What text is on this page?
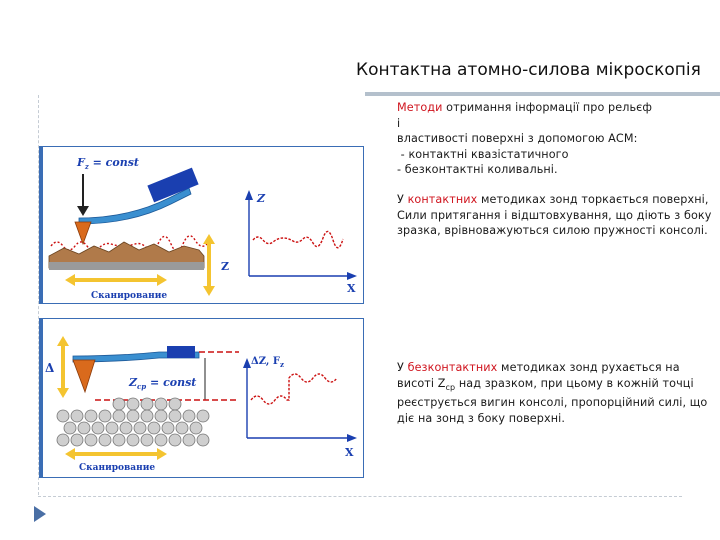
Контактна атомно-силова мікроскопія
Методи отримання інформації про рельєф
і
властивості поверхні з допомогою АСМ:
- контактні квазістатичного
- безконтактні коливальні.
У контактних методиках зонд торкається поверхні,
Сили притягання і відштовхування, що діють з боку зразка, врівноважуються силою пружності консолі.
У безконтактних методиках зонд рухається на висоті $Z_{ср}$ над зразком, при цьому в кожній точці реєструється вигин консолі, пропорційний силі, що діє на зонд з боку поверхні.
$F_z$ = const
Z
Сканирование
Z
X
Δ
$Z_{cp}$ = const
Сканирование
ΔZ, $F_z$
X
